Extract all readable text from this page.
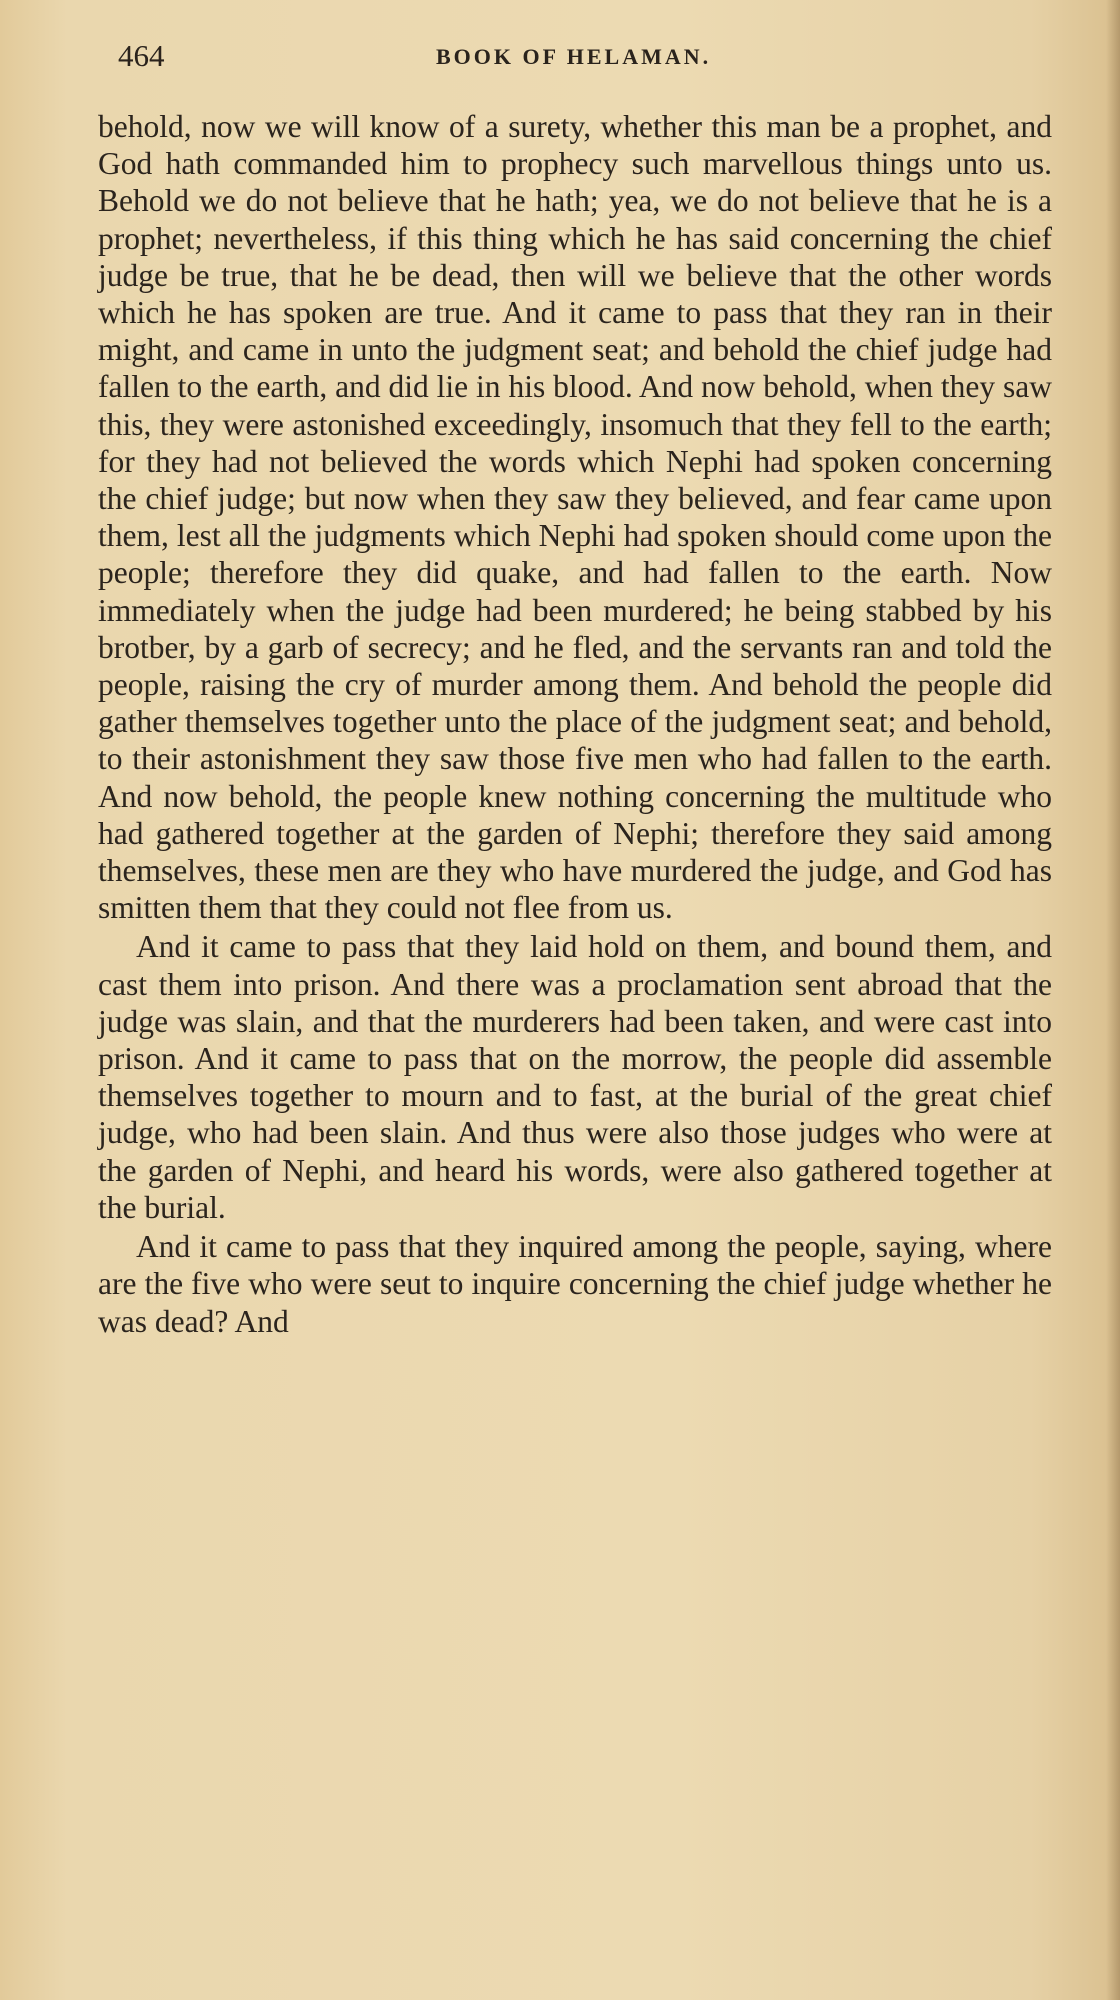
464	BOOK OF HELAMAN.

behold, now we will know of a surety, whether this man be a prophet, and God hath commanded him to prophecy such marvellous things unto us. Behold we do not believe that he hath; yea, we do not believe that he is a prophet; nevertheless, if this thing which he has said concerning the chief judge be true, that he be dead, then will we believe that the other words which he has spoken are true. And it came to pass that they ran in their might, and came in unto the judgment seat; and behold the chief judge had fallen to the earth, and did lie in his blood. And now behold, when they saw this, they were astonished exceedingly, insomuch that they fell to the earth; for they had not believed the words which Nephi had spoken concerning the chief judge; but now when they saw they believed, and fear came upon them, lest all the judgments which Nephi had spoken should come upon the people; therefore they did quake, and had fallen to the earth. Now immediately when the judge had been murdered; he being stabbed by his brotber, by a garb of secrecy; and he fled, and the servants ran and told the people, raising the cry of murder among them. And behold the people did gather themselves together unto the place of the judgment seat; and behold, to their astonishment they saw those five men who had fallen to the earth. And now behold, the people knew nothing concerning the multitude who had gathered together at the garden of Nephi; therefore they said among themselves, these men are they who have murdered the judge, and God has smitten them that they could not flee from us.

And it came to pass that they laid hold on them, and bound them, and cast them into prison. And there was a proclamation sent abroad that the judge was slain, and that the murderers had been taken, and were cast into prison. And it came to pass that on the morrow, the people did assemble themselves together to mourn and to fast, at the burial of the great chief judge, who had been slain. And thus were also those judges who were at the garden of Nephi, and heard his words, were also gathered together at the burial.

And it came to pass that they inquired among the people, saying, where are the five who were seut to inquire concerning the chief judge whether he was dead? And
